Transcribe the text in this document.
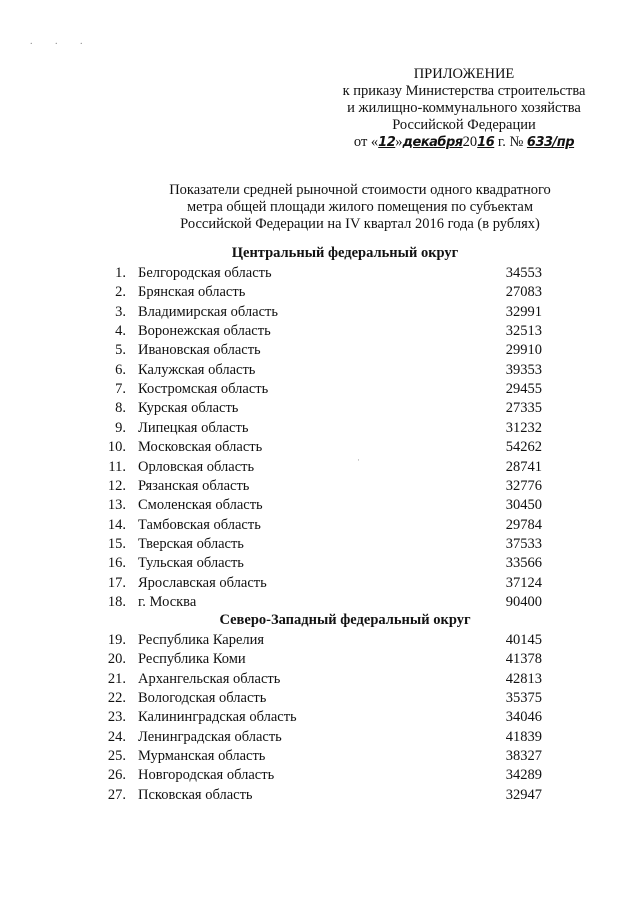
. . .
ПРИЛОЖЕНИЕ
к приказу Министерства строительства
и жилищно-коммунального хозяйства
Российской Федерации
от «12»декабря2016 г. № 633/пр
Показатели средней рыночной стоимости одного квадратного
метра общей площади жилого помещения по субъектам
Российской Федерации на IV квартал 2016 года (в рублях)
·
Центральный федеральный округ
1. Белгородская область	34553
2. Брянская область	27083
3. Владимирская область	32991
4. Воронежская область	32513
5. Ивановская область	29910
6. Калужская область	39353
7. Костромская область	29455
8. Курская область	27335
9. Липецкая область	31232
10. Московская область	54262
11. Орловская область	28741
12. Рязанская область	32776
13. Смоленская область	30450
14. Тамбовская область	29784
15. Тверская область	37533
16. Тульская область	33566
17. Ярославская область	37124
18. г. Москва	90400
Северо-Западный федеральный округ
19. Республика Карелия	40145
20. Республика Коми	41378
21. Архангельская область	42813
22. Вологодская область	35375
23. Калининградская область	34046
24. Ленинградская область	41839
25. Мурманская область	38327
26. Новгородская область	34289
27. Псковская область	32947
